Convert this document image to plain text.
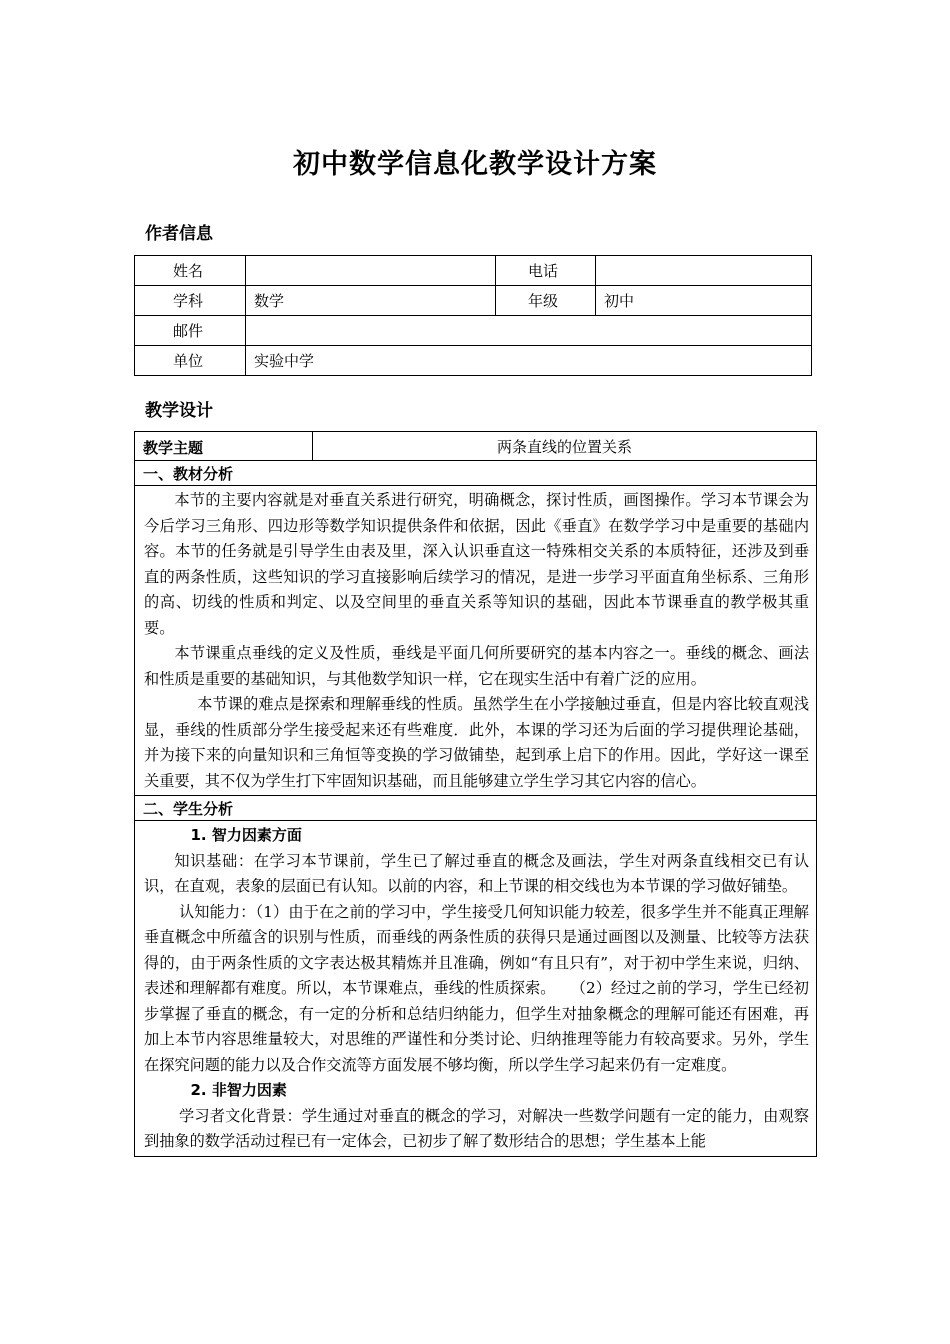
初中数学信息化教学设计方案
作者信息
姓名		电话	
学科	数学	年级	初中
邮件			
单位	实验中学		
教学设计
教学主题	两条直线的位置关系
一、教材分析

本节的主要内容就是对垂直关系进行研究，明确概念，探讨性质，画图操作。学习本节课会为今后学习三角形、四边形等数学知识提供条件和依据，因此《垂直》在数学学习中是重要的基础内容。本节的任务就是引导学生由表及里，深入认识垂直这一特殊相交关系的本质特征，还涉及到垂直的两条性质，这些知识的学习直接影响后续学习的情况，是进一步学习平面直角坐标系、三角形的高、切线的性质和判定、以及空间里的垂直关系等知识的基础，因此本节课垂直的教学极其重要。

本节课重点垂线的定义及性质，垂线是平面几何所要研究的基本内容之一。垂线的概念、画法和性质是重要的基础知识，与其他数学知识一样，它在现实生活中有着广泛的应用。

本节课的难点是探索和理解垂线的性质。虽然学生在小学接触过垂直，但是内容比较直观浅显，垂线的性质部分学生接受起来还有些难度．此外，本课的学习还为后面的学习提供理论基础，并为接下来的向量知识和三角恒等变换的学习做铺垫，起到承上启下的作用。因此，学好这一课至关重要，其不仅为学生打下牢固知识基础，而且能够建立学生学习其它内容的信心。

二、学生分析

1. 智力因素方面

知识基础：在学习本节课前，学生已了解过垂直的概念及画法，学生对两条直线相交已有认识，在直观，表象的层面已有认知。以前的内容，和上节课的相交线也为本节课的学习做好铺垫。

认知能力：（1）由于在之前的学习中，学生接受几何知识能力较差，很多学生并不能真正理解垂直概念中所蕴含的识别与性质，而垂线的两条性质的获得只是通过画图以及测量、比较等方法获得的，由于两条性质的文字表达极其精炼并且准确，例如“有且只有”，对于初中学生来说，归纳、表述和理解都有难度。所以，本节课难点，垂线的性质探索。　　（2）经过之前的学习，学生已经初步掌握了垂直的概念，有一定的分析和总结归纳能力，但学生对抽象概念的理解可能还有困难，再加上本节内容思维量较大，对思维的严谨性和分类讨论、归纳推理等能力有较高要求。另外，学生在探究问题的能力以及合作交流等方面发展不够均衡，所以学生学习起来仍有一定难度。

2. 非智力因素

学习者文化背景：学生通过对垂直的概念的学习，对解决一些数学问题有一定的能力，由观察到抽象的数学活动过程已有一定体会，已初步了解了数形结合的思想；学生基本上能
